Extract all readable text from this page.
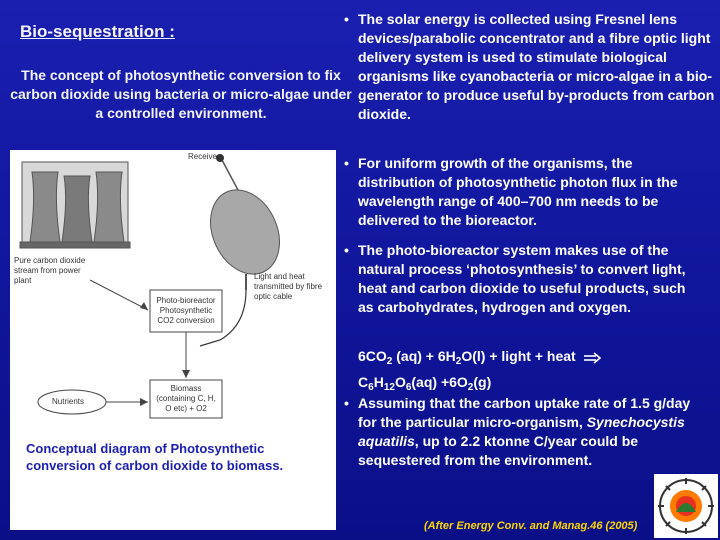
Bio-sequestration :
The concept of photosynthetic conversion to fix carbon dioxide using bacteria or micro-algae under a controlled environment.
• The solar energy is collected using Fresnel lens devices/parabolic concentrator and a fibre optic light delivery system is used to stimulate biological organisms like cyanobacteria or micro-algae in a bio-generator to produce useful by-products from carbon dioxide.
• For uniform growth of the organisms, the distribution of photosynthetic photon flux in the wavelength range of 400–700 nm needs to be delivered to the bioreactor.
• The photo-bioreactor system makes use of the natural process ‘photosynthesis’ to convert light, heat and carbon dioxide to useful products, such as carbohydrates, hydrogen and oxygen.
• Assuming that the carbon uptake rate of 1.5 g/day for the particular micro-organism, Synechocystis aquatilis, up to 2.2 ktonne C/year could be sequestered from the environment.
$6CO_2$ $(aq) + 6H_2O(l)$ + light + heat
$C_6H_{12}O_6(aq) +6O_2(g)$
Receiver
Pure carbon dioxide stream from power plant	Light and heat transmitted by fibre optic cable
Photo-bioreactor Photosynthetic CO2 conversion
Biomass (containing C, H, O etc) + O2
Nutrients
Conceptual diagram of Photosynthetic conversion of carbon dioxide to biomass.
(After Energy Conv. and Manag.46 (2005)
